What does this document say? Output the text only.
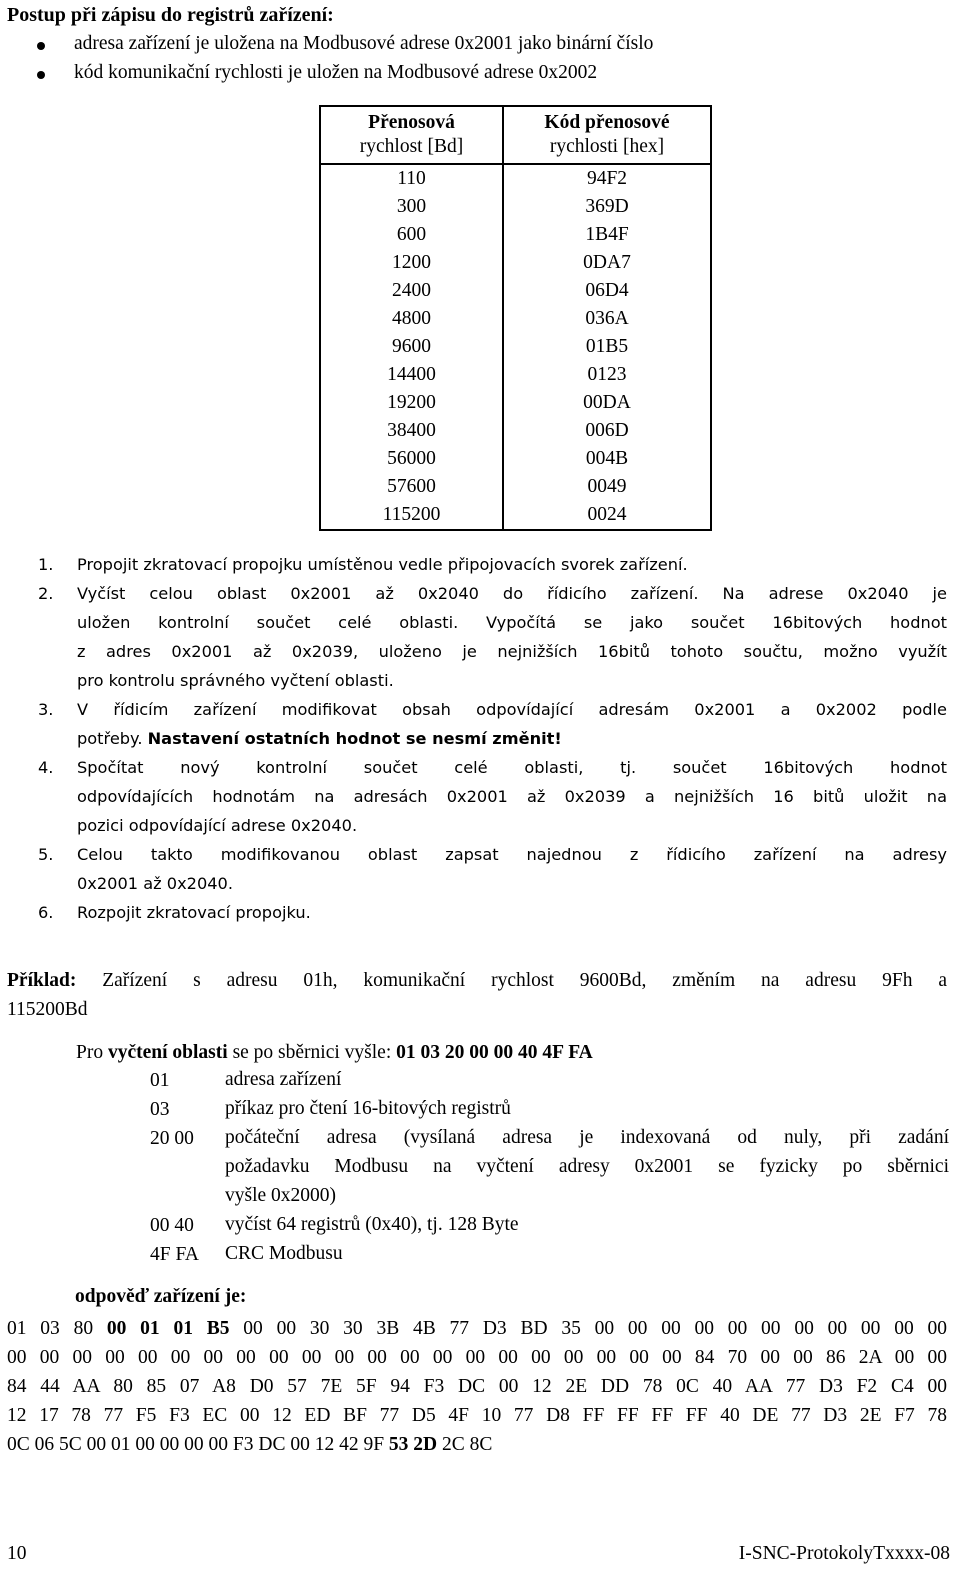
Postup při zápisu do registrů zařízení:
adresa zařízení je uložena na Modbusové adrese 0x2001 jako binární číslo
kód komunikační rychlosti je uložen na Modbusové adrese 0x2002
Přenosová
rychlost [Bd]	Kód přenosové
rychlosti [hex]
110	94F2
300	369D
600	1B4F
1200	0DA7
2400	06D4
4800	036A
9600	01B5
14400	0123
19200	00DA
38400	006D
56000	004B
57600	0049
115200	0024
1. Propojit zkratovací propojku umístěnou vedle připojovacích svorek zařízení.
2. Vyčíst celou oblast 0x2001 až 0x2040 do řídicího zařízení. Na adrese 0x2040 je
uložen kontrolní součet celé oblasti. Vypočítá se jako součet 16bitových hodnot
z adres 0x2001 až 0x2039, uloženo je nejnižších 16bitů tohoto součtu, možno využít
pro kontrolu správného vyčtení oblasti.
3. V řídicím zařízení modifikovat obsah odpovídající adresám 0x2001 a 0x2002 podle
potřeby. Nastavení ostatních hodnot se nesmí změnit!
4. Spočítat nový kontrolní součet celé oblasti, tj. součet 16bitových hodnot
odpovídajících hodnotám na adresách 0x2001 až 0x2039 a nejnižších 16 bitů uložit na
pozici odpovídající adrese 0x2040.
5. Celou takto modifikovanou oblast zapsat najednou z řídicího zařízení na adresy
0x2001 až 0x2040.
6. Rozpojit zkratovací propojku.
Příklad: Zařízení s adresu 01h, komunikační rychlost 9600Bd, změním na adresu 9Fh a
115200Bd
Pro vyčtení oblasti se po sběrnici vyšle: 01 03 20 00 00 40 4F FA
01	adresa zařízení
03	příkaz pro čtení 16-bitových registrů
20 00 počáteční adresa (vysílaná adresa je indexovaná od nuly, při zadání
požadavku Modbusu na vyčtení adresy 0x2001 se fyzicky po sběrnici
vyšle 0x2000)
00 40 vyčíst 64 registrů (0x40), tj. 128 Byte
4F FA CRC Modbusu
odpověď zařízení je:
01 03 80 00 01 01 B5 00 00 30 30 3B 4B 77 D3 BD 35 00 00 00 00 00 00 00 00 00 00 00
00 00 00 00 00 00 00 00 00 00 00 00 00 00 00 00 00 00 00 00 00 84 70 00 00 86 2A 00 00
84 44 AA 80 85 07 A8 D0 57 7E 5F 94 F3 DC 00 12 2E DD 78 0C 40 AA 77 D3 F2 C4 00
12 17 78 77 F5 F3 EC 00 12 ED BF 77 D5 4F 10 77 D8 FF FF FF FF 40 DE 77 D3 2E F7 78
0C 06 5C 00 01 00 00 00 00 F3 DC 00 12 42 9F 53 2D 2C 8C
10	I-SNC-ProtokolyTxxxx-08
